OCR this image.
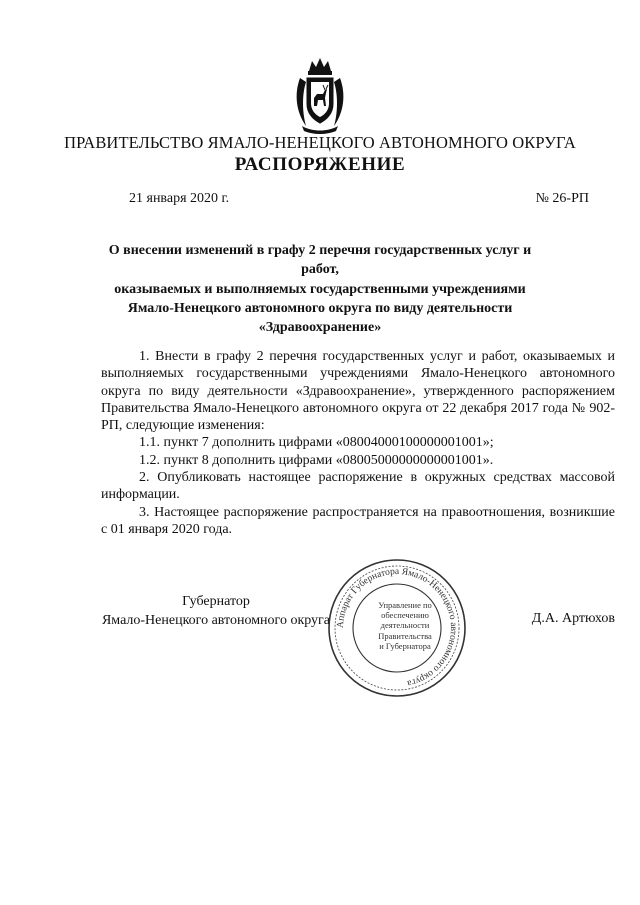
ПРАВИТЕЛЬСТВО ЯМАЛО-НЕНЕЦКОГО АВТОНОМНОГО ОКРУГА
РАСПОРЯЖЕНИЕ
21 января 2020 г.	№ 26-РП
О внесении изменений в графу 2 перечня государственных услуг и работ,
оказываемых и выполняемых государственными учреждениями
Ямало-Ненецкого автономного округа по виду деятельности
«Здравоохранение»

1. Внести в графу 2 перечня государственных услуг и работ, оказываемых и выполняемых государственными учреждениями Ямало-Ненецкого автономного округа по виду деятельности «Здравоохранение», утвержденного распоряжением Правительства Ямало-Ненецкого автономного округа от 22 декабря 2017 года № 902-РП, следующие изменения:

1.1. пункт 7 дополнить цифрами «08004000100000001001»;

1.2. пункт 8 дополнить цифрами «08005000000000001001».

2. Опубликовать настоящее распоряжение в окружных средствах массовой информации.

3. Настоящее распоряжение распространяется на правоотношения, возникшие с 01 января 2020 года.

Губернатор
Ямало-Ненецкого автономного округа	Д.А. Артюхов
Аппарат Губернатора Ямало-Ненецкого автономного округа
Управление по
обеспечению
деятельности
Правительства
и Губернатора
